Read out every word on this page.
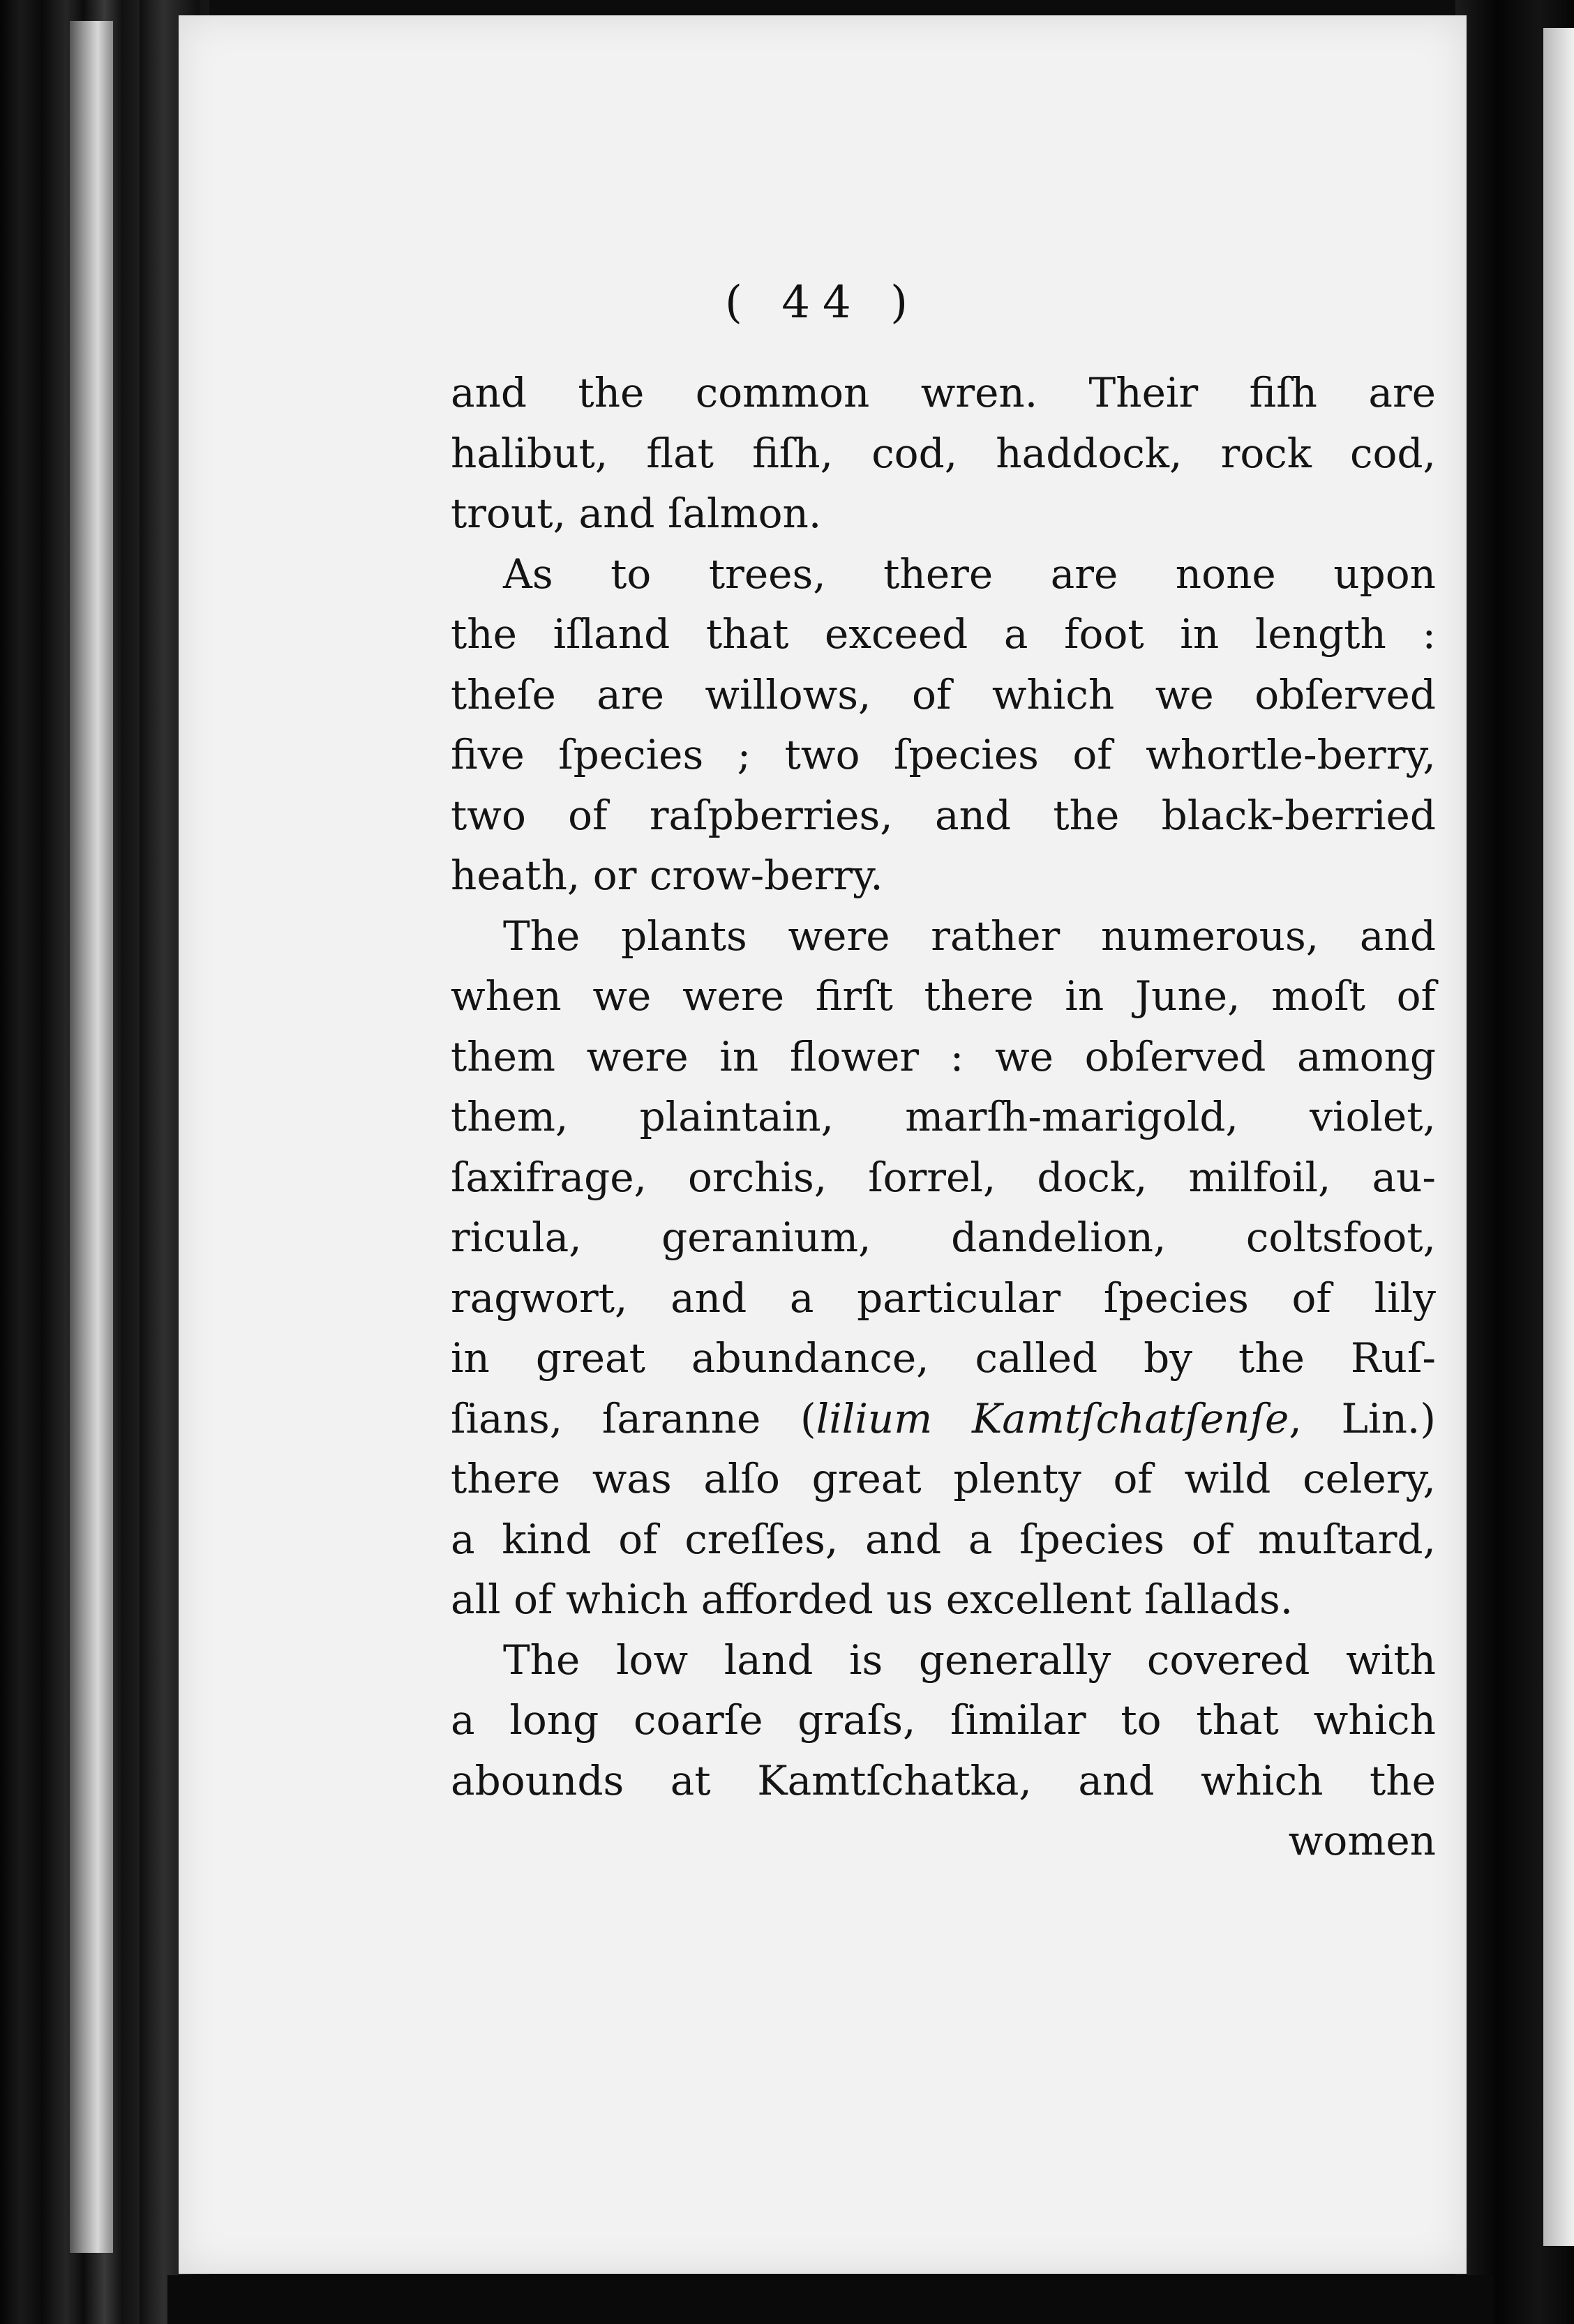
( 44 )
and the common wren. Their fiſh are
halibut, flat fiſh, cod, haddock, rock cod,
trout, and ſalmon.
As to trees, there are none upon
the iſland that exceed a foot in length :
theſe are willows, of which we obſerved
five ſpecies ; two ſpecies of whortle-berry,
two of raſpberries, and the black-berried
heath, or crow-berry.
The plants were rather numerous, and
when we were firſt there in June, moſt of
them were in flower : we obſerved among
them, plaintain, marſh-marigold, violet,
ſaxifrage, orchis, ſorrel, dock, milfoil, au-
ricula, geranium, dandelion, coltsfoot,
ragwort, and a particular ſpecies of lily
in great abundance, called by the Ruſ-
ſians, ſaranne (lilium Kamtſchatſenſe, Lin.)
there was alſo great plenty of wild celery,
a kind of creſſes, and a ſpecies of muſtard,
all of which afforded us excellent ſallads.
The low land is generally covered with
a long coarſe graſs, ſimilar to that which
abounds at Kamtſchatka, and which the
women
